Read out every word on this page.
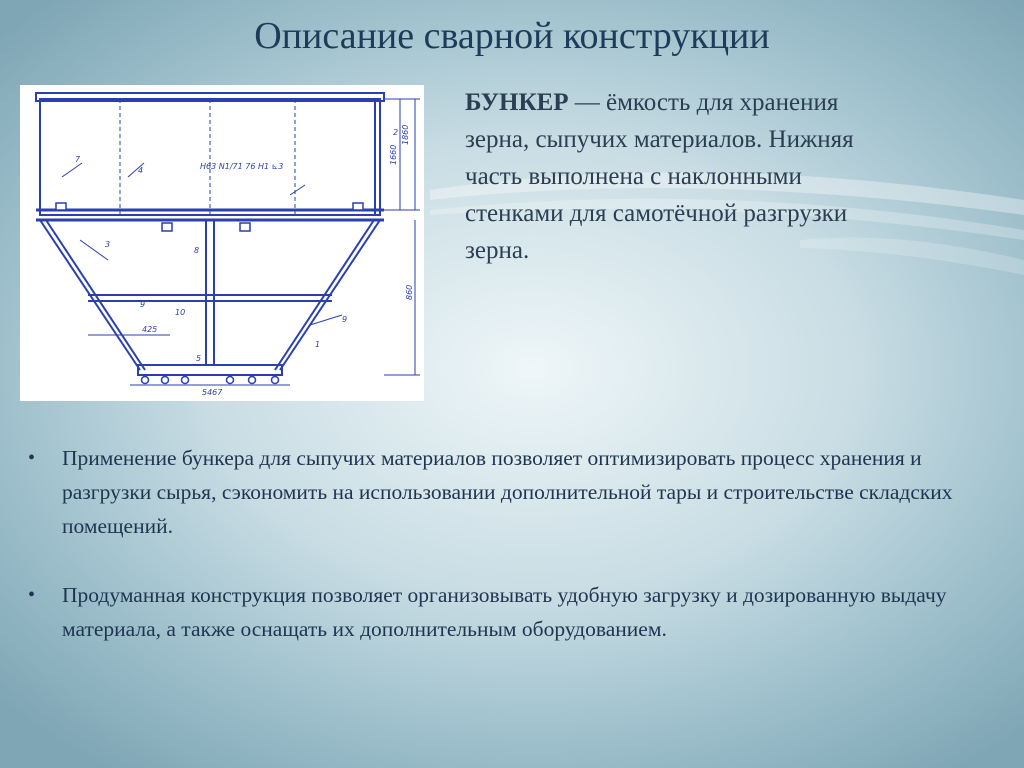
Описание сварной конструкции
7
4
2
3
8
9
10
9
1
5
H63 N1/71 76 H1 ⊾3
1860
1660
860
425
5467
БУНКЕР — ёмкость для хранения зерна, сыпучих материалов. Нижняя часть выполнена с наклонными стенками для самотёчной разгрузки зерна.
• Применение бункера для сыпучих материалов позволяет оптимизировать процесс хранения и разгрузки сырья, сэкономить на использовании дополнительной тары и строительстве складских помещений.
• Продуманная конструкция позволяет организовывать удобную загрузку и дозированную выдачу материала, а также оснащать их дополнительным оборудованием.
